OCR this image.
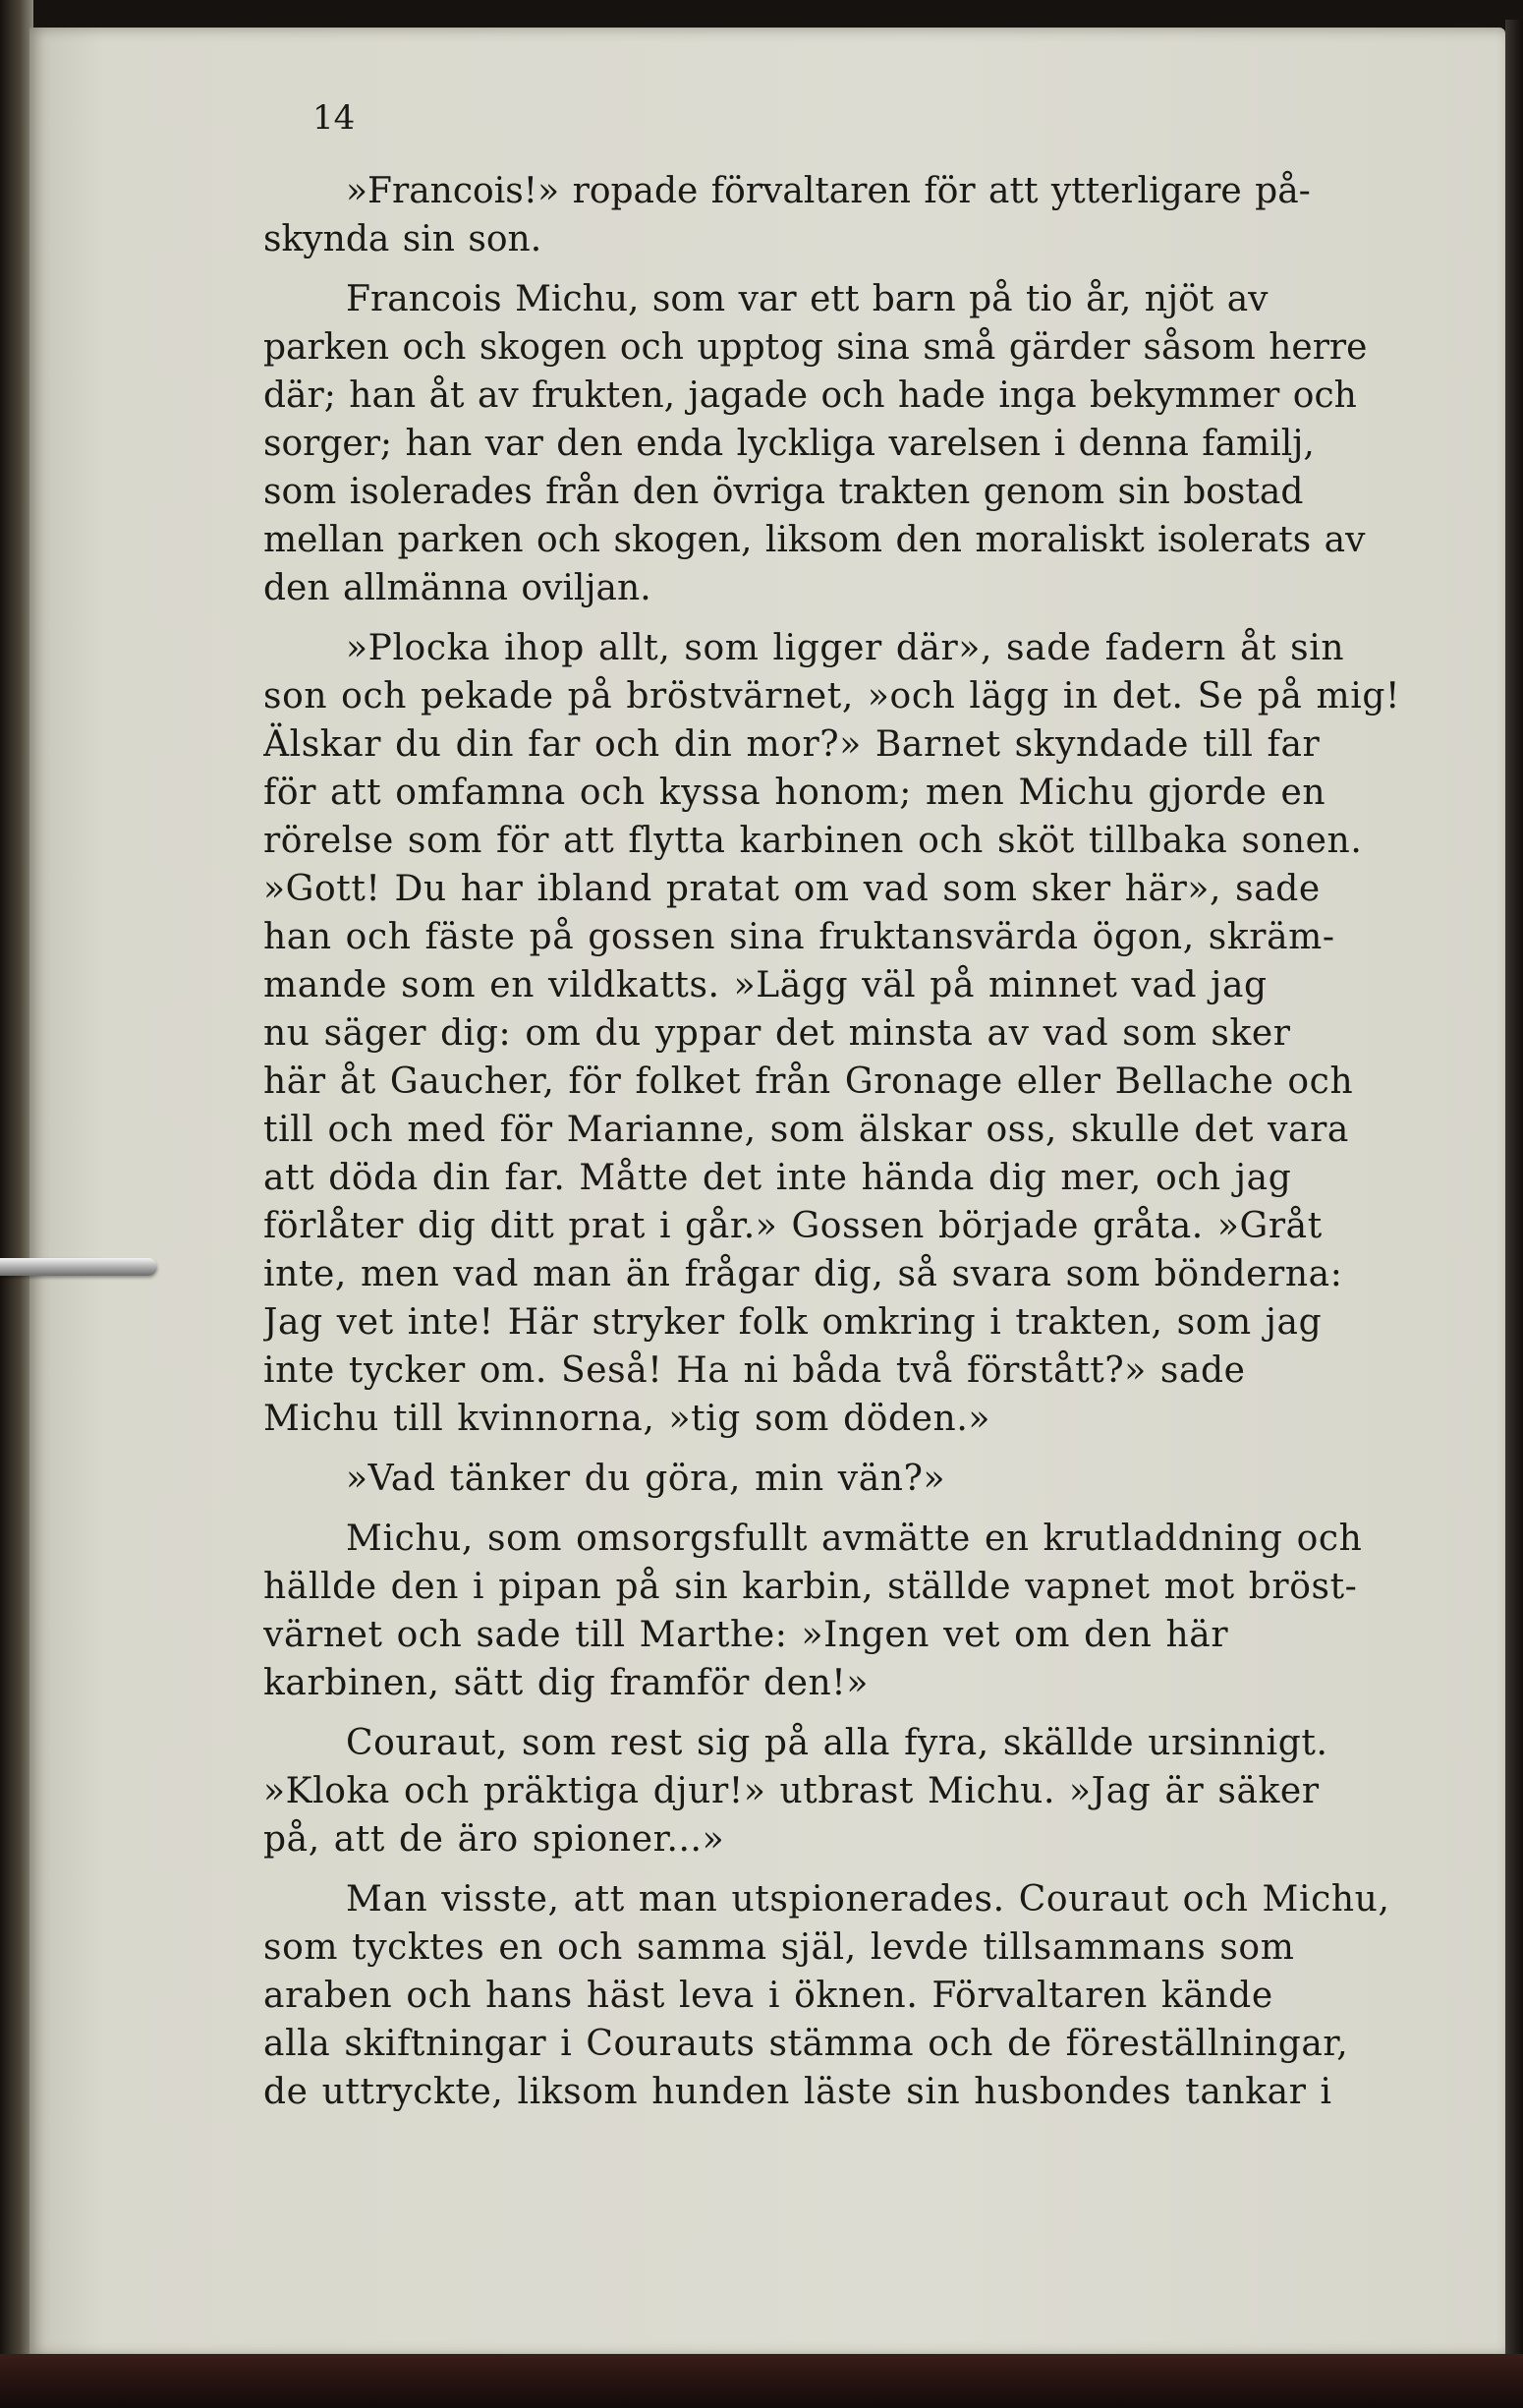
14

»Francois!» ropade förvaltaren för att ytterligare på-
skynda sin son.

Francois Michu, som var ett barn på tio år, njöt av
parken och skogen och upptog sina små gärder såsom herre
där; han åt av frukten, jagade och hade inga bekymmer och
sorger; han var den enda lyckliga varelsen i denna familj,
som isolerades från den övriga trakten genom sin bostad
mellan parken och skogen, liksom den moraliskt isolerats av
den allmänna oviljan.

»Plocka ihop allt, som ligger där», sade fadern åt sin
son och pekade på bröstvärnet, »och lägg in det. Se på mig!
Älskar du din far och din mor?» Barnet skyndade till far
för att omfamna och kyssa honom; men Michu gjorde en
rörelse som för att flytta karbinen och sköt tillbaka sonen.
»Gott! Du har ibland pratat om vad som sker här», sade
han och fäste på gossen sina fruktansvärda ögon, skräm-
mande som en vildkatts. »Lägg väl på minnet vad jag
nu säger dig: om du yppar det minsta av vad som sker
här åt Gaucher, för folket från Gronage eller Bellache och
till och med för Marianne, som älskar oss, skulle det vara
att döda din far. Måtte det inte hända dig mer, och jag
förlåter dig ditt prat i går.» Gossen började gråta. »Gråt
inte, men vad man än frågar dig, så svara som bönderna:
Jag vet inte! Här stryker folk omkring i trakten, som jag
inte tycker om. Seså! Ha ni båda två förstått?» sade
Michu till kvinnorna, »tig som döden.»

»Vad tänker du göra, min vän?»

Michu, som omsorgsfullt avmätte en krutladdning och
hällde den i pipan på sin karbin, ställde vapnet mot bröst-
värnet och sade till Marthe: »Ingen vet om den här
karbinen, sätt dig framför den!»

Couraut, som rest sig på alla fyra, skällde ursinnigt.
»Kloka och präktiga djur!» utbrast Michu. »Jag är säker
på, att de äro spioner...»

Man visste, att man utspionerades. Couraut och Michu,
som tycktes en och samma själ, levde tillsammans som
araben och hans häst leva i öknen. Förvaltaren kände
alla skiftningar i Courauts stämma och de föreställningar,
de uttryckte, liksom hunden läste sin husbondes tankar i
